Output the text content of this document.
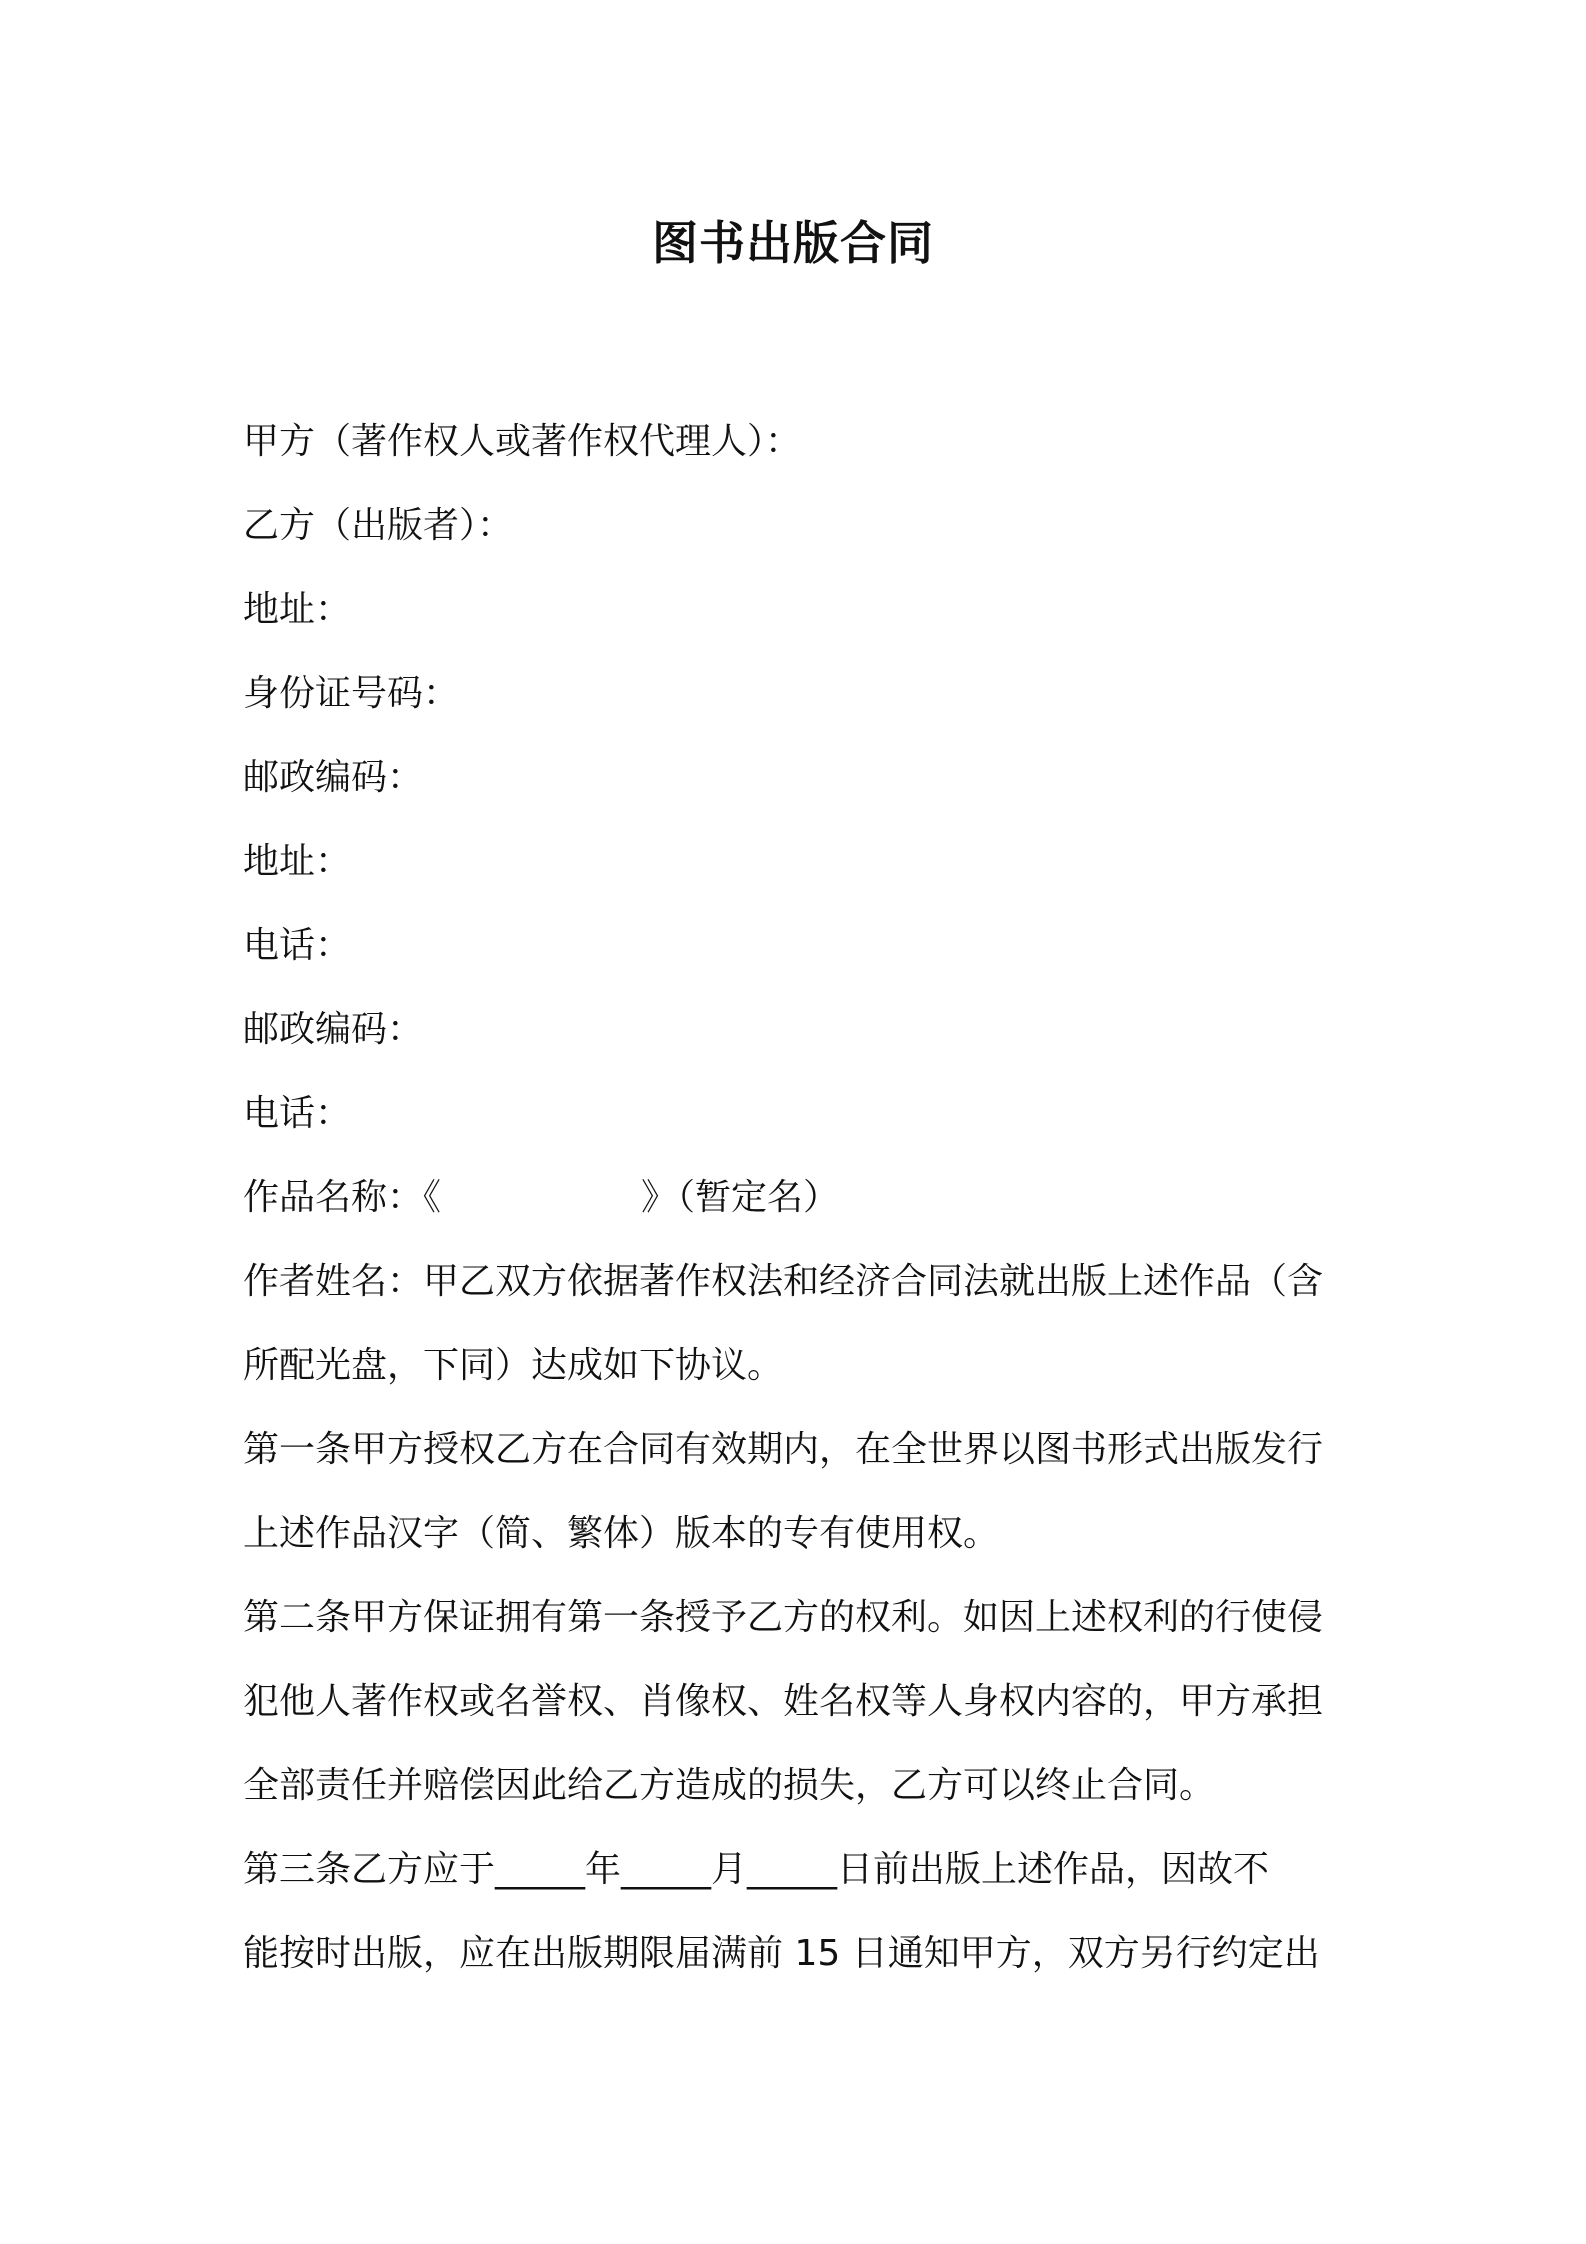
图书出版合同
甲方（著作权人或著作权代理人）：
乙方（出版者）：
地址：
身份证号码：
邮政编码：
地址：
电话：
邮政编码：
电话：
作品名称：《	》（暂定名）
作者姓名：甲乙双方依据著作权法和经济合同法就出版上述作品（含
所配光盘，下同）达成如下协议。
第一条甲方授权乙方在合同有效期内，在全世界以图书形式出版发行
上述作品汉字（简、繁体）版本的专有使用权。
第二条甲方保证拥有第一条授予乙方的权利。如因上述权利的行使侵
犯他人著作权或名誉权、肖像权、姓名权等人身权内容的，甲方承担
全部责任并赔偿因此给乙方造成的损失，乙方可以终止合同。
第三条乙方应于_____年_____月_____日前出版上述作品，因故不
能按时出版，应在出版期限届满前 15 日通知甲方，双方另行约定出
